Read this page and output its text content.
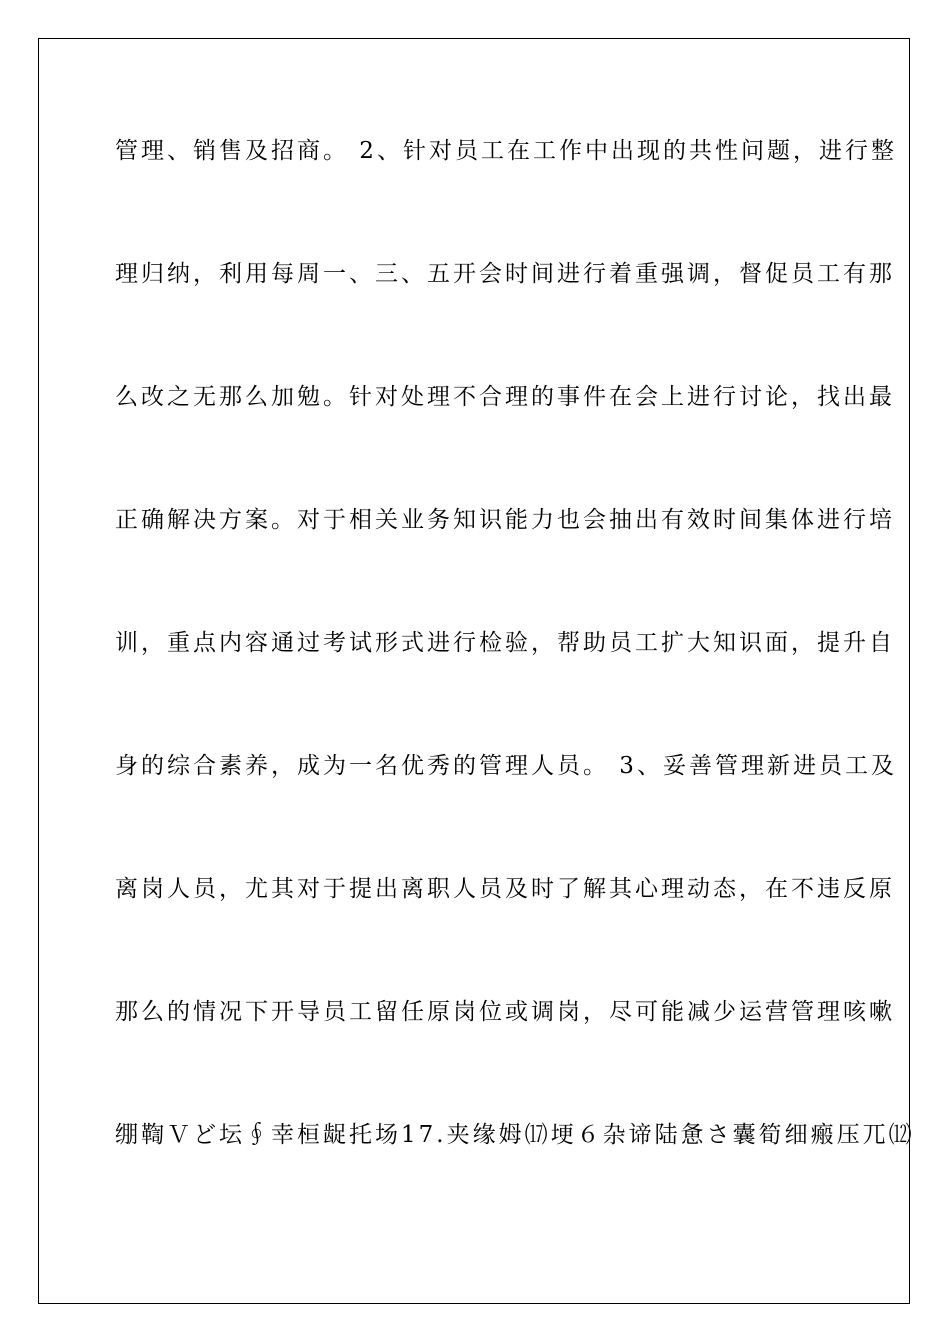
管理、销售及招商。 2、针对员工在工作中出现的共性问题，进行整
理归纳，利用每周一、三、五开会时间进行着重强调，督促员工有那
么改之无那么加勉。针对处理不合理的事件在会上进行讨论，找出最
正确解决方案。对于相关业务知识能力也会抽出有效时间集体进行培
训，重点内容通过考试形式进行检验，帮助员工扩大知识面，提升自
身的综合素养，成为一名优秀的管理人员。 3、妥善管理新进员工及
离岗人员，尤其对于提出离职人员及时了解其心理动态，在不违反原
那么的情况下开导员工留任原岗位或调岗，尽可能减少运营管理咳嗽
绷鞫Ｖど坛∮幸桓龊托场17.夹缘姆⒄埂６杂谛陆惫さ囊筍细瘢压兀⑿
